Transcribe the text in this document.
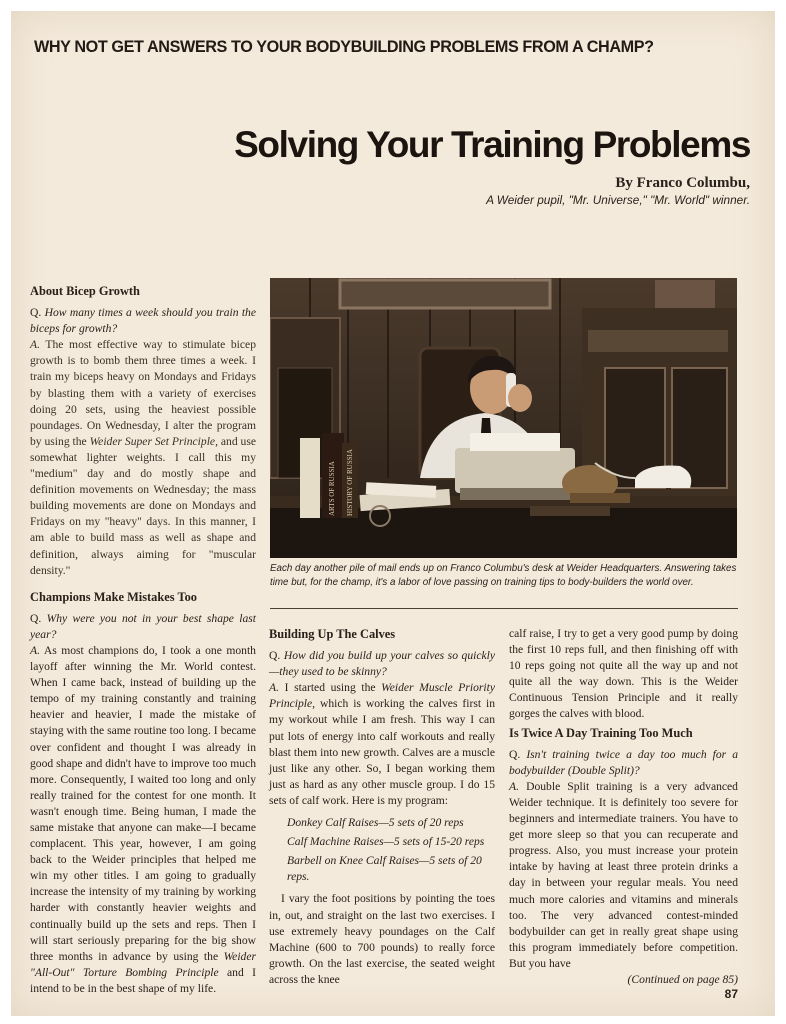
WHY NOT GET ANSWERS TO YOUR BODYBUILDING PROBLEMS FROM A CHAMP?
Solving Your Training Problems
By Franco Columbu,
A Weider pupil, "Mr. Universe," "Mr. World" winner.

About Bicep Growth

Q. How many times a week should you train the biceps for growth?

A. The most effective way to stimulate bicep growth is to bomb them three times a week. I train my biceps heavy on Mondays and Fridays by blasting them with a variety of exercises doing 20 sets, using the heaviest possible poundages. On Wednesday, I alter the program by using the Weider Super Set Principle, and use somewhat lighter weights. I call this my "medium" day and do mostly shape and definition movements on Wednesday; the mass building movements are done on Mondays and Fridays on my "heavy" days. In this manner, I am able to build mass as well as shape and definition, always aiming for "muscular density."

Champions Make Mistakes Too

Q. Why were you not in your best shape last year?

A. As most champions do, I took a one month layoff after winning the Mr. World contest. When I came back, instead of building up the tempo of my training constantly and training heavier and heavier, I made the mistake of staying with the same routine too long. I became over confident and thought I was already in good shape and didn't have to improve too much more. Consequently, I waited too long and only really trained for the contest for one month. It wasn't enough time. Being human, I made the same mistake that anyone can make—I became complacent. This year, however, I am going back to the Weider principles that helped me win my other titles. I am going to gradually increase the intensity of my training by working harder with constantly heavier weights and continually build up the sets and reps. Then I will start seriously preparing for the big show three months in advance by using the Weider "All-Out" Torture Bombing Principle and I intend to be in the best shape of my life.

ARTS OF RUSSIA HISTORY OF RUSSIA
Each day another pile of mail ends up on Franco Columbu's desk at Weider Headquarters. Answering takes time but, for the champ, it's a labor of love passing on training tips to body-builders the world over.

Building Up The Calves

Q. How did you build up your calves so quickly—they used to be skinny?

A. I started using the Weider Muscle Priority Principle, which is working the calves first in my workout while I am fresh. This way I can put lots of energy into calf workouts and really blast them into new growth. Calves are a muscle just like any other. So, I began working them just as hard as any other muscle group. I do 15 sets of calf work. Here is my program:

Donkey Calf Raises—5 sets of 20 reps

Calf Machine Raises—5 sets of 15-20 reps

Barbell on Knee Calf Raises—5 sets of 20 reps.

I vary the foot positions by pointing the toes in, out, and straight on the last two exercises. I use extremely heavy poundages on the Calf Machine (600 to 700 pounds) to really force growth. On the last exercise, the seated weight across the knee

calf raise, I try to get a very good pump by doing the first 10 reps full, and then finishing off with 10 reps going not quite all the way up and not quite all the way down. This is the Weider Continuous Tension Principle and it really gorges the calves with blood.

Is Twice A Day Training Too Much

Q. Isn't training twice a day too much for a bodybuilder (Double Split)?

A. Double Split training is a very advanced Weider technique. It is definitely too severe for beginners and intermediate trainers. You have to get more sleep so that you can recuperate and progress. Also, you must increase your protein intake by having at least three protein drinks a day in between your regular meals. You need much more calories and vitamins and minerals too. The very advanced contest-minded bodybuilder can get in really great shape using this program immediately before competition. But you have

(Continued on page 85)

87
